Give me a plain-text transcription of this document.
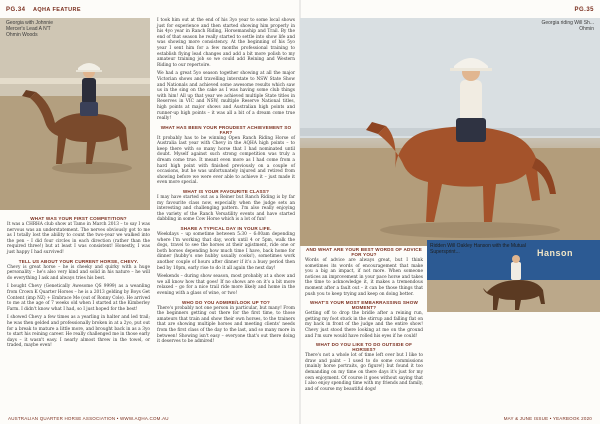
PG.34 AQHA FEATURE	PG.35
Georgia with Johnnie Mercer's Lead A N'T Ohmin Woods
WHAT WAS YOUR FIRST COMPETITION?

It was a CHRHA club show at Tamo in March 2013 – to say I was nervous was an understatement. The nerves obviously got to me as I totally lost the ability to count the two-year we walked into the pen – I did four circles in each direction (rather than the required three!) but at least I was consistent! Honestly, I was just happy I had survived!

TELL US ABOUT YOUR CURRENT HORSE, CHEVY.

Chevy is great horse – he is cheeky and quirky with a huge personality – he's also very kind and solid in his nature – he will do everything I ask and always tries his best.

I bought Chevy (Genetically Awesome QS 9999) as a weanling from Crown K Quarter Horses – he is a 2013 gelding by Boys Get Content (imp NZ) + Embrace Me (out of Ronny Cole). He arrived to me at the age of 7 weeks old when I started at the Kimberley Farm. I didn't know what I had, so I just hoped for the best!

I showed Chevy a few times as a yearling in halter and led trail; he was then gelded and professionally broken in at a 2yo, put out for a break to mature a little more, and brought back in as a 3yo to start his reining career. He really challenged me in those early days – it wasn't easy. I nearly almost threw in the towel, or traded, maybe even!

I took him out at the end of his 3yo year to some local shows just for experience and then started showing him properly in his 4yo year in Ranch Riding, Horsemanship and Trail. By the end of that season he really started to settle into show life and was showing more consistency. At the beginning of his 5yo year I sent him for a few months professional training to establish flying lead changes and add a bit more polish to my amateur training job so we could add Reining and Western Riding to our repertoire.

We had a great 5yo season together showing at all the major Victorian shows and travelling interstate to NSW State Show and Nationals and achieved some awesome results which saw us in the sing on the cake as I was having some club things with him! All up that year we achieved multiple State titles in Reserves in VIC and NSW, multiple Reserve National titles, high points at major shows and Australian high points and runner-up high points – it was all a bit of a dream come true really!

WHAT HAS BEEN YOUR PROUDEST ACHIEVEMENT SO FAR?

It probably has to be winning Open Ranch Riding Horse of Australia last year with Chevy in the AQHA high points – to keep there with so many horse that I had nominated until doubt. Myself against such strong competition was truly a dream come true. It meant even more as I had come from a hard high point with finished previously on a couple of occasions, but he was unfortunately injured and retired from showing before we were ever able to achieve it – just made it even more special.

WHAT IS YOUR FAVOURITE CLASS?

I may have started out as a Reiner but Ranch Riding is by far my favourite class now, especially when the judge sets an interesting and challenging pattern. I'm also really enjoying the variety of the Ranch Versatility events and have started dabbling in some Cow Horse which is a lot of fun!

SHARE A TYPICAL DAY IN YOUR LIFE.

Weekdays – up sometime between 5:30 – 6:00am depending where I'm working that day, work until 4 or 5pm, walk the dogs, travel to see the horses at their agistment, ride one or both horses depending how much time I have, back home for dinner (hubby’s one hubby usually cooks!), sometimes work another couple of hours after dinner if it’s a busy period then bed by 10pm, early rise to do it all again the next day!

Weekends – during show season, most probably at a show and we all know how that goes! If no shows are on it’s a bit more relaxed – go for a nice trail ride more likely and home in the evening with a glass of wine, or two!

WHO DO YOU ADMIRE/LOOK UP TO?

There's probably not one person in particular, but many! From the beginners getting out there for the first time, to those amateurs that train and show their own horses, to the trainers that are showing multiple horses and meeting clients' needs from the first class of the day to the last, and so many more in between! Showing isn't easy – everyone that's out there doing it deserves to be admired!

Georgia riding Will Sh... Ohmin
Hanson
Ridden Will Oakley Hanson with the Mutual Supersprint...
AND WHAT ARE YOUR BEST WORDS OF ADVICE FOR YOU?

Words of advice are always great, but I think sometimes its words of encouragement that make you a big an impact, if not more. When someone notices an improvement in your pace horse and takes the time to acknowledge it, it makes a tremendous moment after a fault out – it can be those things that push you to keep trying and keep on doing better.

WHAT'S YOUR MOST EMBARRASSING SHOW MOMENT?

Getting off to drop the bridle after a reining run, getting my foot stuck in the stirrup and falling flat on my back in front of the judge and the entire show! Chevy just stood there looking at me on the ground and I'm sure would have rolled his eyes if he could!

WHAT DO YOU LIKE TO DO OUTSIDE OF HORSES?

There's not a whole lot of time left over but I like to draw and paint – I used to do some commissions (mainly horse portraits, go figure!) but found it too demanding on my time on there days it's just for my own enjoyment. Of course it goes without saying that I also enjoy spending time with my friends and family, and of course my beautiful dogs!

AUSTRALIAN QUARTER HORSE ASSOCIATION • WWW.AQHA.COM.AU	MAY & JUNE ISSUE • YEARBOOK 2020
